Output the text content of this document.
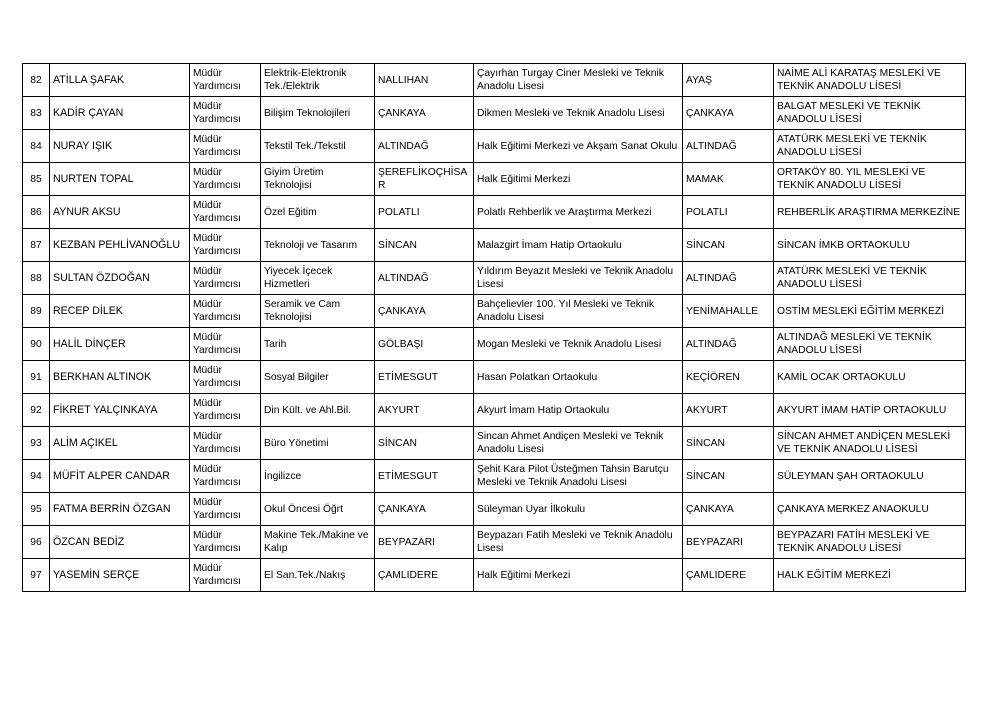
82	ATİLLA ŞAFAK	Müdür Yardımcısı	Elektrik-Elektronik Tek./Elektrik	NALLIHAN	Çayırhan Turgay Ciner Mesleki ve Teknik Anadolu Lisesi	AYAŞ	NAİME ALİ KARATAŞ MESLEKİ VE TEKNİK ANADOLU LİSESİ
83	KADİR ÇAYAN	Müdür Yardımcısı	Bilişim Teknolojileri	ÇANKAYA	Dikmen Mesleki ve Teknik Anadolu Lisesi	ÇANKAYA	BALGAT MESLEKİ VE TEKNİK ANADOLU LİSESİ
84	NURAY IŞIK	Müdür Yardımcısı	Tekstil Tek./Tekstil	ALTINDAĞ	Halk Eğitimi Merkezi ve Akşam Sanat Okulu	ALTINDAĞ	ATATÜRK MESLEKİ VE TEKNİK ANADOLU LİSESİ
85	NURTEN TOPAL	Müdür Yardımcısı	Giyim Üretim Teknolojisi	ŞEREFLİKOÇHİSAR	Halk Eğitimi Merkezi	MAMAK	ORTAKÖY 80. YIL MESLEKİ VE TEKNİK ANADOLU LİSESİ
86	AYNUR AKSU	Müdür Yardımcısı	Özel Eğitim	POLATLI	Polatlı Rehberlik ve Araştırma Merkezi	POLATLI	REHBERLİK ARAŞTIRMA MERKEZİNE
87	KEZBAN PEHLİVANOĞLU	Müdür Yardımcısı	Teknoloji ve Tasarım	SİNCAN	Malazgirt İmam Hatip Ortaokulu	SİNCAN	SİNCAN İMKB ORTAOKULU
88	SULTAN ÖZDOĞAN	Müdür Yardımcısı	Yiyecek İçecek Hizmetleri	ALTINDAĞ	Yıldırım Beyazıt Mesleki ve Teknik Anadolu Lisesi	ALTINDAĞ	ATATÜRK MESLEKİ VE TEKNİK ANADOLU LİSESİ
89	RECEP DİLEK	Müdür Yardımcısı	Seramik ve Cam Teknolojisi	ÇANKAYA	Bahçelievler 100. Yıl Mesleki ve Teknik Anadolu Lisesi	YENİMAHALLE	OSTİM MESLEKİ EĞİTİM MERKEZİ
90	HALİL DİNÇER	Müdür Yardımcısı	Tarih	GÖLBAŞI	Mogan Mesleki ve Teknik Anadolu Lisesi	ALTINDAĞ	ALTINDAĞ MESLEKİ VE TEKNİK ANADOLU LİSESİ
91	BERKHAN ALTINOK	Müdür Yardımcısı	Sosyal Bilgiler	ETİMESGUT	Hasan Polatkan Ortaokulu	KEÇİÖREN	KAMİL OCAK ORTAOKULU
92	FİKRET YALÇINKAYA	Müdür Yardımcısı	Din Kült. ve Ahl.Bil.	AKYURT	Akyurt İmam Hatip Ortaokulu	AKYURT	AKYURT İMAM HATİP ORTAOKULU
93	ALİM AÇIKEL	Müdür Yardımcısı	Büro Yönetimi	SİNCAN	Sincan Ahmet Andiçen Mesleki ve Teknik Anadolu Lisesi	SİNCAN	SİNCAN AHMET ANDİÇEN MESLEKİ VE TEKNİK ANADOLU LİSESİ
94	MÜFİT ALPER CANDAR	Müdür Yardımcısı	İngilizce	ETİMESGUT	Şehit Kara Pilot Üsteğmen Tahsin Barutçu Mesleki ve Teknik Anadolu Lisesi	SİNCAN	SÜLEYMAN ŞAH ORTAOKULU
95	FATMA BERRİN ÖZGAN	Müdür Yardımcısı	Okul Öncesi Öğrt	ÇANKAYA	Süleyman Uyar İlkokulu	ÇANKAYA	ÇANKAYA MERKEZ ANAOKULU
96	ÖZCAN BEDİZ	Müdür Yardımcısı	Makine Tek./Makine ve Kalıp	BEYPAZARI	Beypazarı Fatih Mesleki ve Teknik Anadolu Lisesi	BEYPAZARI	BEYPAZARI FATİH MESLEKİ VE TEKNİK ANADOLU LİSESİ
97	YASEMİN SERÇE	Müdür Yardımcısı	El San.Tek./Nakış	ÇAMLIDERE	Halk Eğitimi Merkezi	ÇAMLIDERE	HALK EĞİTİM MERKEZİ
